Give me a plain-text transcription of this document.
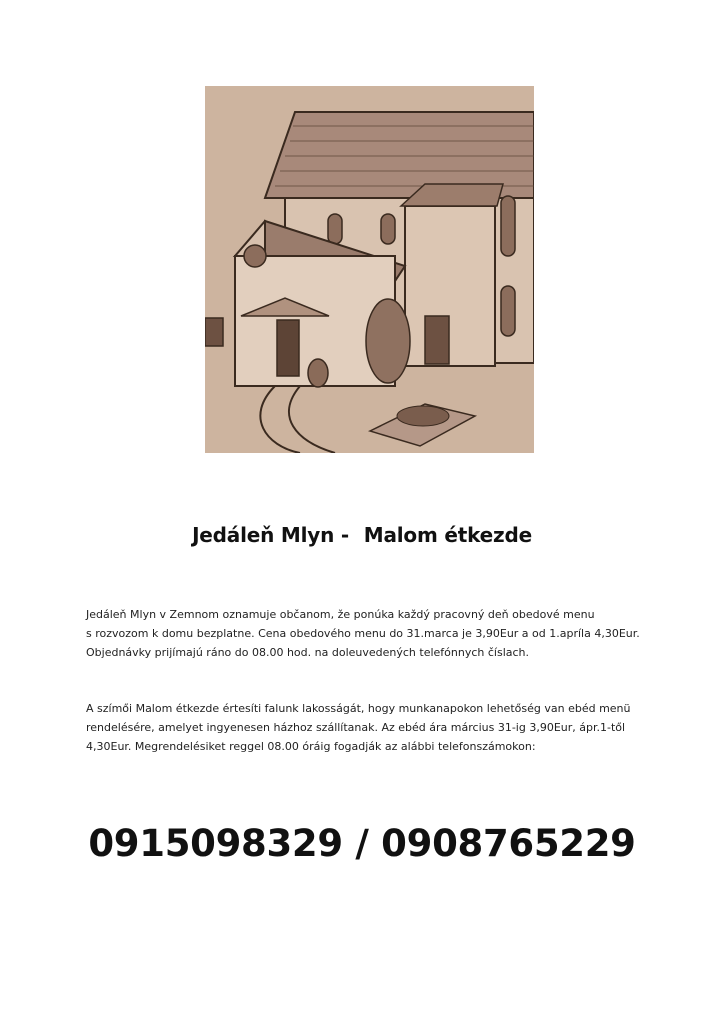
Jedáleň Mlyn - Malom étkezde

Jedáleň Mlyn v Zemnom oznamuje občanom, že ponúka každý pracovný deň obedové menu
s rozvozom k domu bezplatne. Cena obedového menu do 31.marca je 3,90Eur a od 1.apríla 4,30Eur.
Objednávky prijímajú ráno do 08.00 hod. na doleuvedených telefónnych číslach.

A szímői Malom étkezde értesíti falunk lakosságát, hogy munkanapokon lehetőség van ebéd menü
rendelésére, amelyet ingyenesen házhoz szállítanak. Az ebéd ára március 31-ig 3,90Eur, ápr.1-től
4,30Eur. Megrendelésiket reggel 08.00 óráig fogadják az alábbi telefonszámokon:

0915098329 / 0908765229
